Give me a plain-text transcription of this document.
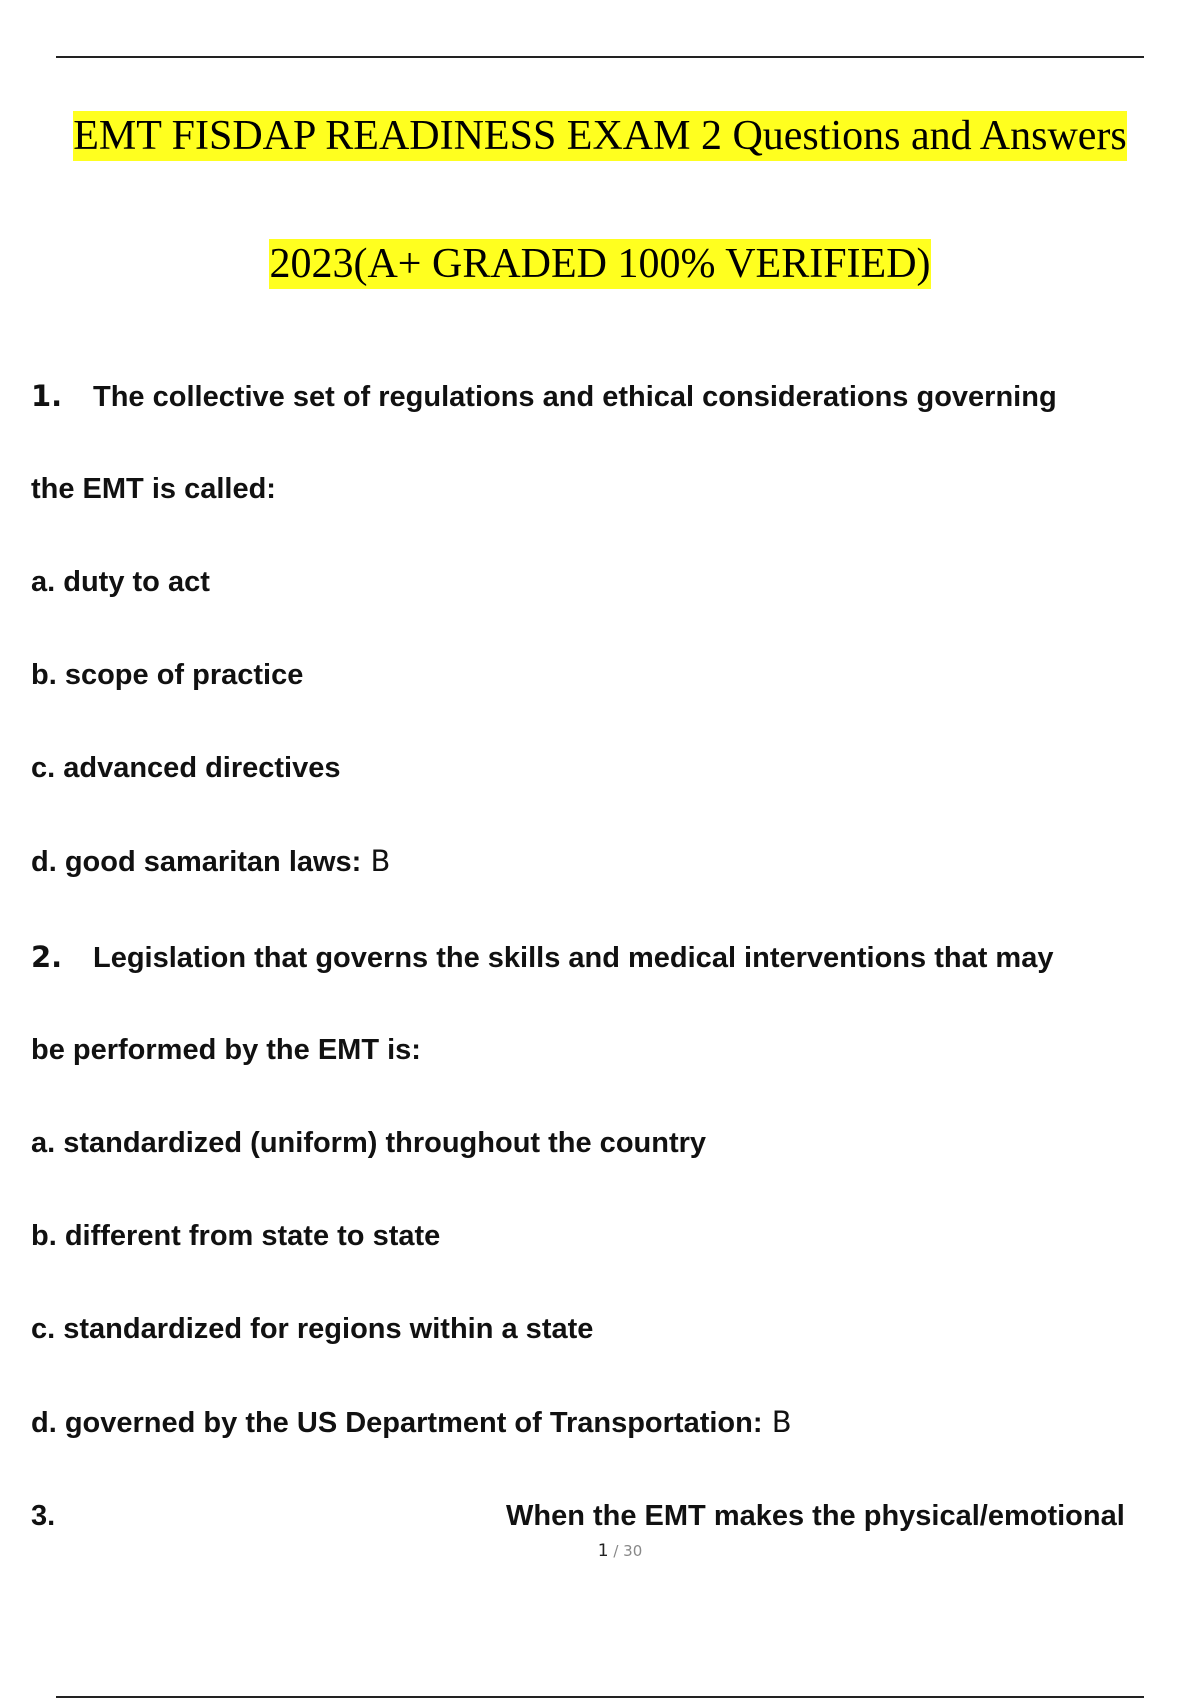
EMT FISDAP READINESS EXAM 2 Questions and Answers
2023(A+ GRADED 100% VERIFIED)
1. The collective set of regulations and ethical considerations governing
the EMT is called:
a. duty to act
b. scope of practice
c. advanced directives
d. good samaritan laws: B
2. Legislation that governs the skills and medical interventions that may
be performed by the EMT is:
a. standardized (uniform) throughout the country
b. different from state to state
c. standardized for regions within a state
d. governed by the US Department of Transportation: B
3.	When the EMT makes the physical/emotional
1 / 30
